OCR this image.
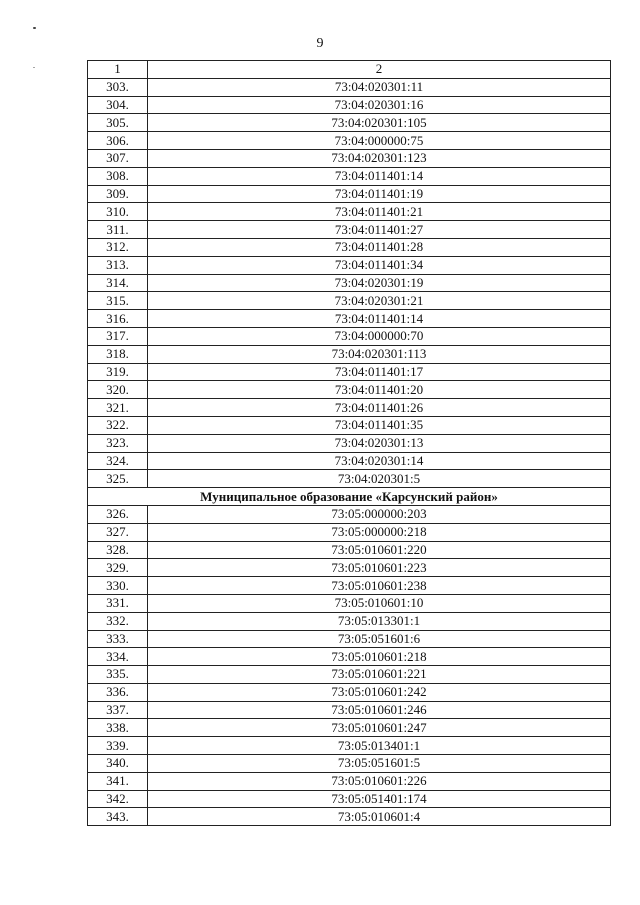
9
1	2
303.	73:04:020301:11
304.	73:04:020301:16
305.	73:04:020301:105
306.	73:04:000000:75
307.	73:04:020301:123
308.	73:04:011401:14
309.	73:04:011401:19
310.	73:04:011401:21
311.	73:04:011401:27
312.	73:04:011401:28
313.	73:04:011401:34
314.	73:04:020301:19
315.	73:04:020301:21
316.	73:04:011401:14
317.	73:04:000000:70
318.	73:04:020301:113
319.	73:04:011401:17
320.	73:04:011401:20
321.	73:04:011401:26
322.	73:04:011401:35
323.	73:04:020301:13
324.	73:04:020301:14
325.	73:04:020301:5
Муниципальное образование «Карсунский район»	
326.	73:05:000000:203
327.	73:05:000000:218
328.	73:05:010601:220
329.	73:05:010601:223
330.	73:05:010601:238
331.	73:05:010601:10
332.	73:05:013301:1
333.	73:05:051601:6
334.	73:05:010601:218
335.	73:05:010601:221
336.	73:05:010601:242
337.	73:05:010601:246
338.	73:05:010601:247
339.	73:05:013401:1
340.	73:05:051601:5
341.	73:05:010601:226
342.	73:05:051401:174
343.	73:05:010601:4
